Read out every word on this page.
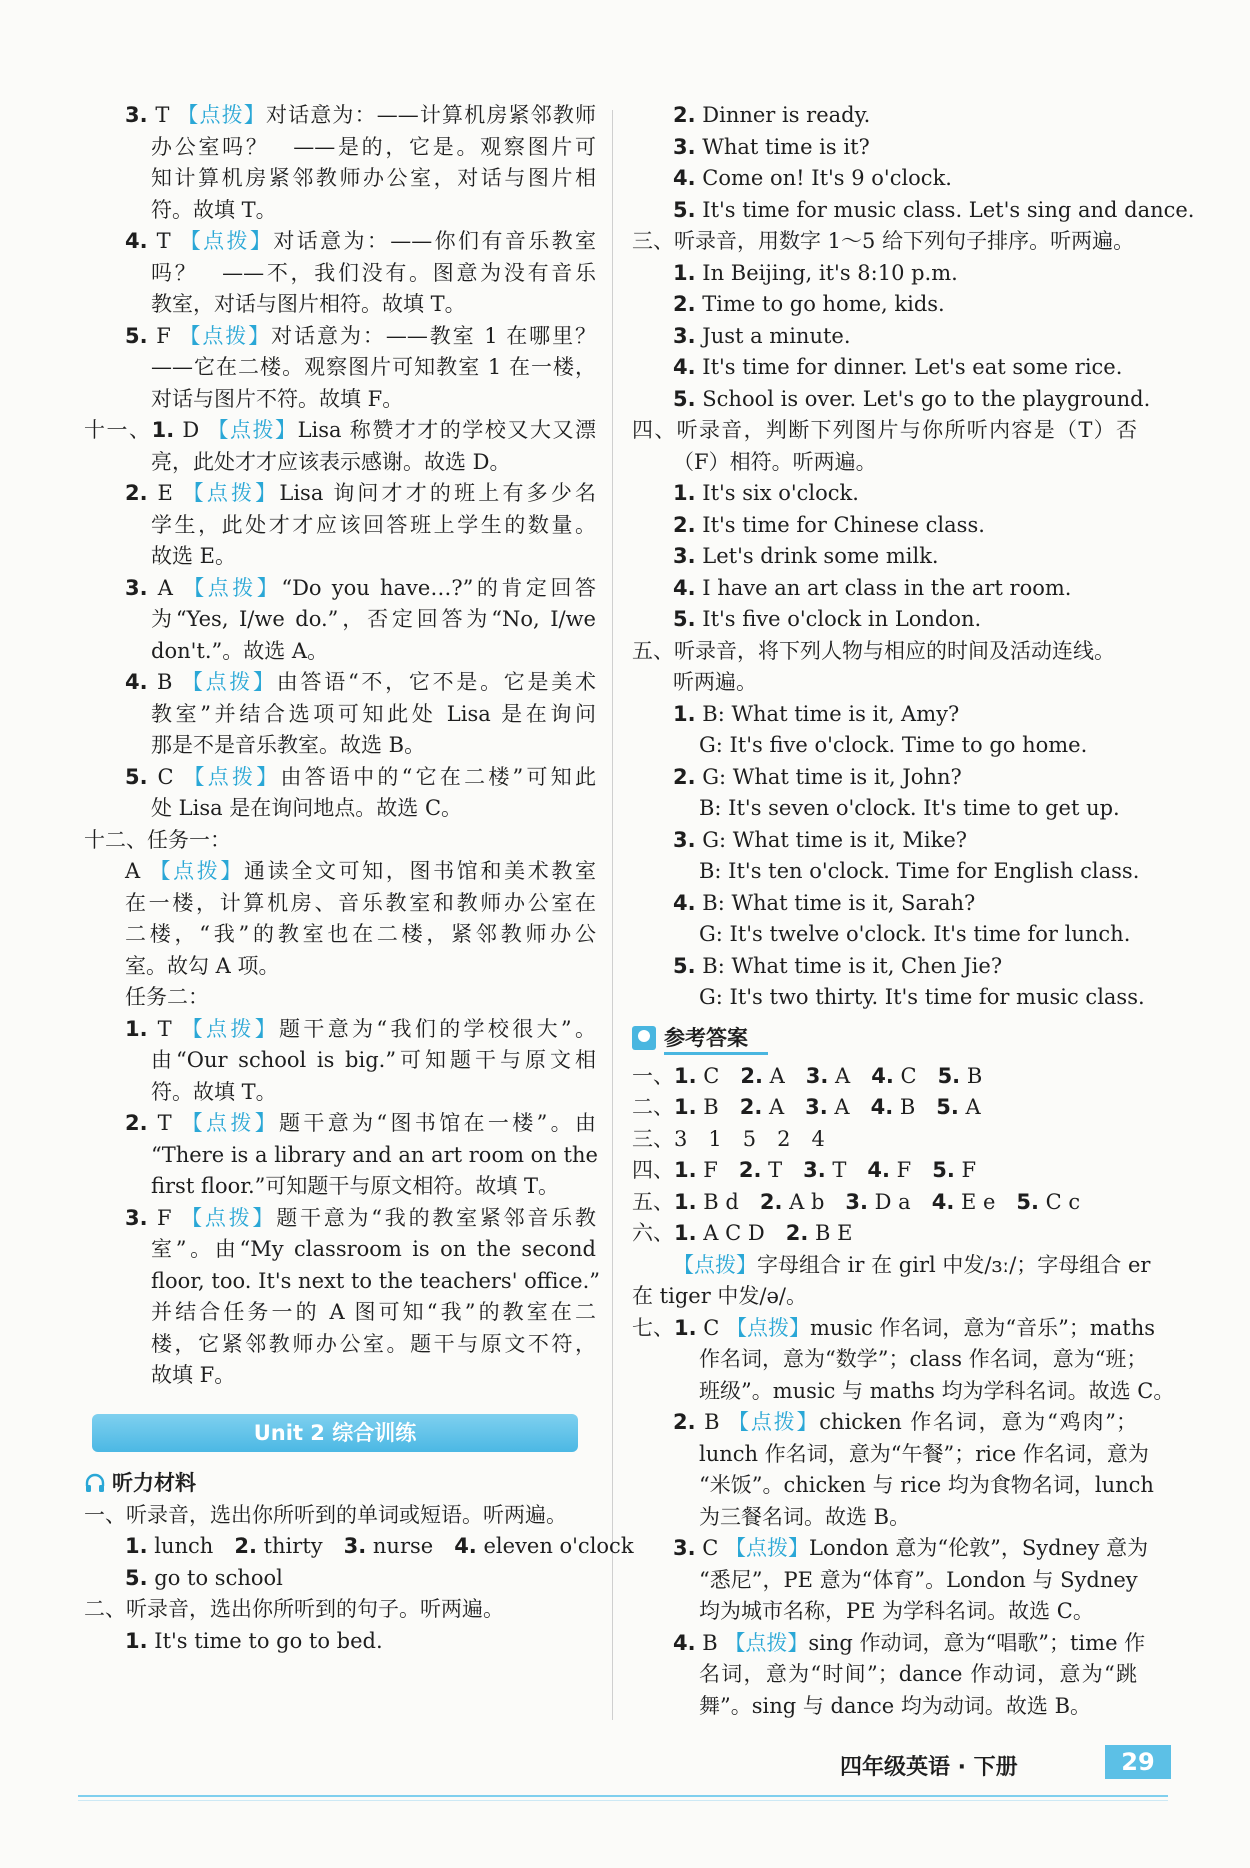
3. T 【点拨】对话意为：——计算机房紧邻教师
办公室吗？　——是的，它是。观察图片可
知计算机房紧邻教师办公室，对话与图片相
符。故填 T。
4. T 【点拨】对话意为：——你们有音乐教室
吗？　——不，我们没有。图意为没有音乐
教室，对话与图片相符。故填 T。
5. F 【点拨】对话意为：——教室 1 在哪里？
——它在二楼。观察图片可知教室 1 在一楼，
对话与图片不符。故填 F。
十一、1. D 【点拨】Lisa 称赞才才的学校又大又漂
亮，此处才才应该表示感谢。故选 D。
2. E 【点拨】Lisa 询问才才的班上有多少名
学生，此处才才应该回答班上学生的数量。
故选 E。
3. A 【点拨】“Do you have…?”的肯定回答
为“Yes, I/we do.”，否定回答为“No, I/we
don't.”。故选 A。
4. B 【点拨】由答语“不，它不是。它是美术
教室”并结合选项可知此处 Lisa 是在询问
那是不是音乐教室。故选 B。
5. C 【点拨】由答语中的“它在二楼”可知此
处 Lisa 是在询问地点。故选 C。
十二、任务一：
A 【点拨】通读全文可知，图书馆和美术教室
在一楼，计算机房、音乐教室和教师办公室在
二楼，“我”的教室也在二楼，紧邻教师办公
室。故勾 A 项。
任务二：
1. T 【点拨】题干意为“我们的学校很大”。
由“Our school is big.”可知题干与原文相
符。故填 T。
2. T 【点拨】题干意为“图书馆在一楼”。由
“There is a library and an art room on the
first floor.”可知题干与原文相符。故填 T。
3. F 【点拨】题干意为“我的教室紧邻音乐教
室”。由“My classroom is on the second
floor, too. It's next to the teachers' office.”
并结合任务一的 A 图可知“我”的教室在二
楼，它紧邻教师办公室。题干与原文不符，
故填 F。
Unit 2 综合训练
听力材料
一、听录音，选出你所听到的单词或短语。听两遍。
1. lunch　2. thirty　3. nurse　4. eleven o'clock
5. go to school
二、听录音，选出你所听到的句子。听两遍。
1. It's time to go to bed.
2. Dinner is ready.
3. What time is it?
4. Come on! It's 9 o'clock.
5. It's time for music class. Let's sing and dance.
三、听录音，用数字 1～5 给下列句子排序。听两遍。
1. In Beijing, it's 8:10 p.m.
2. Time to go home, kids.
3. Just a minute.
4. It's time for dinner. Let's eat some rice.
5. School is over. Let's go to the playground.
四、听录音，判断下列图片与你所听内容是（T）否
（F）相符。听两遍。
1. It's six o'clock.
2. It's time for Chinese class.
3. Let's drink some milk.
4. I have an art class in the art room.
5. It's five o'clock in London.
五、听录音，将下列人物与相应的时间及活动连线。
听两遍。
1. B: What time is it, Amy?
G: It's five o'clock. Time to go home.
2. G: What time is it, John?
B: It's seven o'clock. It's time to get up.
3. G: What time is it, Mike?
B: It's ten o'clock. Time for English class.
4. B: What time is it, Sarah?
G: It's twelve o'clock. It's time for lunch.
5. B: What time is it, Chen Jie?
G: It's two thirty. It's time for music class.
参考答案
一、1. C　2. A　3. A　4. C　5. B
二、1. B　2. A　3. A　4. B　5. A
三、3　1　5　2　4
四、1. F　2. T　3. T　4. F　5. F
五、1. B d　2. A b　3. D a　4. E e　5. C c
六、1. A C D　2. B E
【点拨】字母组合 ir 在 girl 中发/ɜː/；字母组合 er
在 tiger 中发/ə/。
七、1. C 【点拨】music 作名词，意为“音乐”；maths
作名词，意为“数学”；class 作名词，意为“班；
班级”。music 与 maths 均为学科名词。故选 C。
2. B 【点拨】chicken 作名词，意为“鸡肉”；
lunch 作名词，意为“午餐”；rice 作名词，意为
“米饭”。chicken 与 rice 均为食物名词，lunch
为三餐名词。故选 B。
3. C 【点拨】London 意为“伦敦”，Sydney 意为
“悉尼”，PE 意为“体育”。London 与 Sydney
均为城市名称，PE 为学科名词。故选 C。
4. B 【点拨】sing 作动词，意为“唱歌”；time 作
名词，意为“时间”；dance 作动词，意为“跳
舞”。sing 与 dance 均为动词。故选 B。
四年级英语 · 下册	29
